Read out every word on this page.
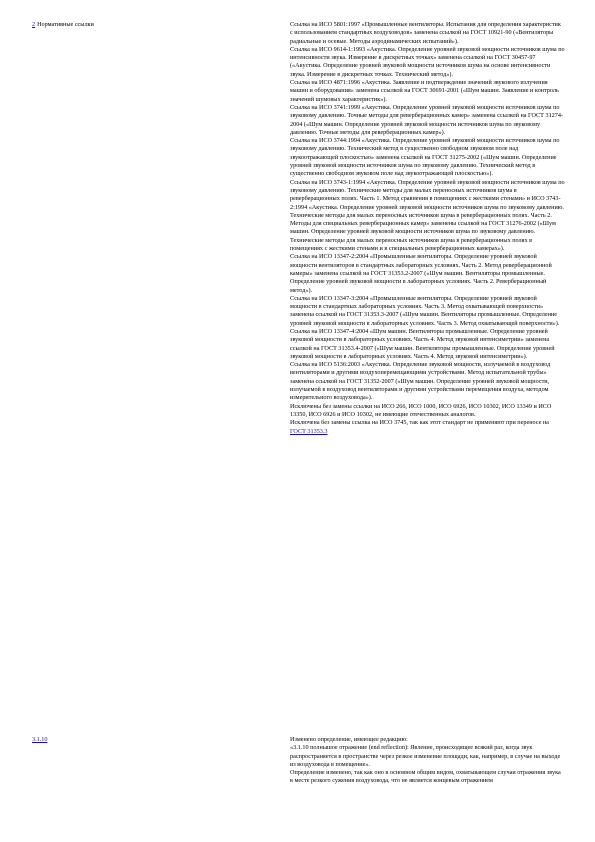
2 Нормативные ссылки	Ссылка на ИСО 5801:1997 «Промышленные вентиляторы. Испытания для определения характеристик с использованием стандартных воздуховодов» заменена ссылкой на ГОСТ 10921-90 («Вентиляторы радиальные и осевые. Методы аэродинамических испытаний»).

Ссылка на ИСО 9614-1:1993 «Акустика. Определение уровней звуковой мощности источников шума по интенсивности звука. Измерение в дискретных точках» заменена ссылкой на ГОСТ 30457-97 («Акустика. Определение уровней звуковой мощности источников шума на основе интенсивности звука. Измерение в дискретных точках. Технический метод»).

Ссылка на ИСО 4871:1996 «Акустика. Заявление и подтверждение значений звукового излучения машин и оборудования» заменена ссылкой на ГОСТ 30691-2001 («Шум машин. Заявление и контроль значений шумовых характеристик»).

Ссылка на ИСО 3741:1999 «Акустика. Определение уровней звуковой мощности источников шума по звуковому давлению. Точные методы для реверберационных камер» заменена ссылкой на ГОСТ 31274-2004 («Шум машин. Определение уровней звуковой мощности источников шума по звуковому давлению. Точные методы для реверберационных камер»).

Ссылка на ИСО 3744:1994 «Акустика. Определение уровней звуковой мощности источников шума по звуковому давлению. Технический метод в существенно свободном звуковом поле над звукоотражающей плоскостью» заменена ссылкой на ГОСТ 31275-2002 («Шум машин. Определение уровней звуковой мощности источников шума по звуковому давлению. Технический метод в существенно свободном звуковом поле над звукоотражающей плоскостью»).

Ссылка на ИСО 3743-1:1994 «Акустика. Определение уровней звуковой мощности источников шума по звуковому давлению. Технические методы для малых переносных источников шума в реверберационных полях. Часть 1. Метод сравнения в помещениях с жесткими стенами» и ИСО 3743-2:1994 «Акустика. Определение уровней звуковой мощности источников шума по звуковому давлению. Технические методы для малых переносных источников шума в реверберационных полях. Часть 2. Методы для специальных реверберационных камер» заменены ссылкой на ГОСТ 31276-2002 («Шум машин. Определение уровней звуковой мощности источников шума по звуковому давлению. Технические методы для малых переносных источников шума в реверберационных полях в помещениях с жесткими стенами и в специальных реверберационных камерах»).

Ссылка на ИСО 13347-2:2004 «Промышленные вентиляторы. Определение уровней звуковой мощности вентиляторов в стандартных лабораторных условиях. Часть 2. Метод реверберационной камеры» заменена ссылкой на ГОСТ 31353.2-2007 («Шум машин. Вентиляторы промышленные. Определение уровней звуковой мощности в лабораторных условиях. Часть 2. Реверберационный метод»).

Ссылка на ИСО 13347-3:2004 «Промышленные вентиляторы. Определение уровней звуковой мощности в стандартных лабораторных условиях. Часть 3. Метод охватывающей поверхности» заменена ссылкой на ГОСТ 31353.3-2007 («Шум машин. Вентиляторы промышленные. Определение уровней звуковой мощности в лабораторных условиях. Часть 3. Метод охватывающей поверхности»).

Ссылка на ИСО 13347-4:2004 «Шум машин. Вентиляторы промышленные. Определение уровней звуковой мощности в лабораторных условиях. Часть 4. Метод звуковой интенсиметрии» заменена ссылкой на ГОСТ 31353.4-2007 («Шум машин. Вентиляторы промышленные. Определение уровней звуковой мощности в лабораторных условиях. Часть 4. Метод звуковой интенсиметрии»).

Ссылка на ИСО 5136:2003 «Акустика. Определение звуковой мощности, излучаемой в воздуховод вентиляторами и другими воздухоперемещающими устройствами. Метод испытательной трубы» заменена ссылкой на ГОСТ 31352-2007 («Шум машин. Определение уровней звуковой мощности, излучаемой в воздуховод вентиляторами и другими устройствами перемещения воздуха, методом измерительного воздуховода»).

Исключены без замены ссылки на ИСО 266, ИСО 1000, ИСО 6926, ИСО 10302, ИСО 13349 и ИСО 13350, ИСО 6926 и ИСО 10302, не имеющие отечественных аналогов.

Исключена без замены ссылка на ИСО 3745, так как этот стандарт не применяют при переносе на ГОСТ 31353.3

3.1.10	Изменено определение, имеющее редакцию:

«3.1.10 полнышое отражение (end reflection): Явление, происходящее всякий раз, когда звук распространяется в пространстве через резкое изменение площади, как, например, в случае на выходе из воздуховода в помещение».

Определение изменено, так как оно в основном общим видом, охватывающем случаи отражения звука в месте резкого сужения воздуховода, что не является концевым отражением
